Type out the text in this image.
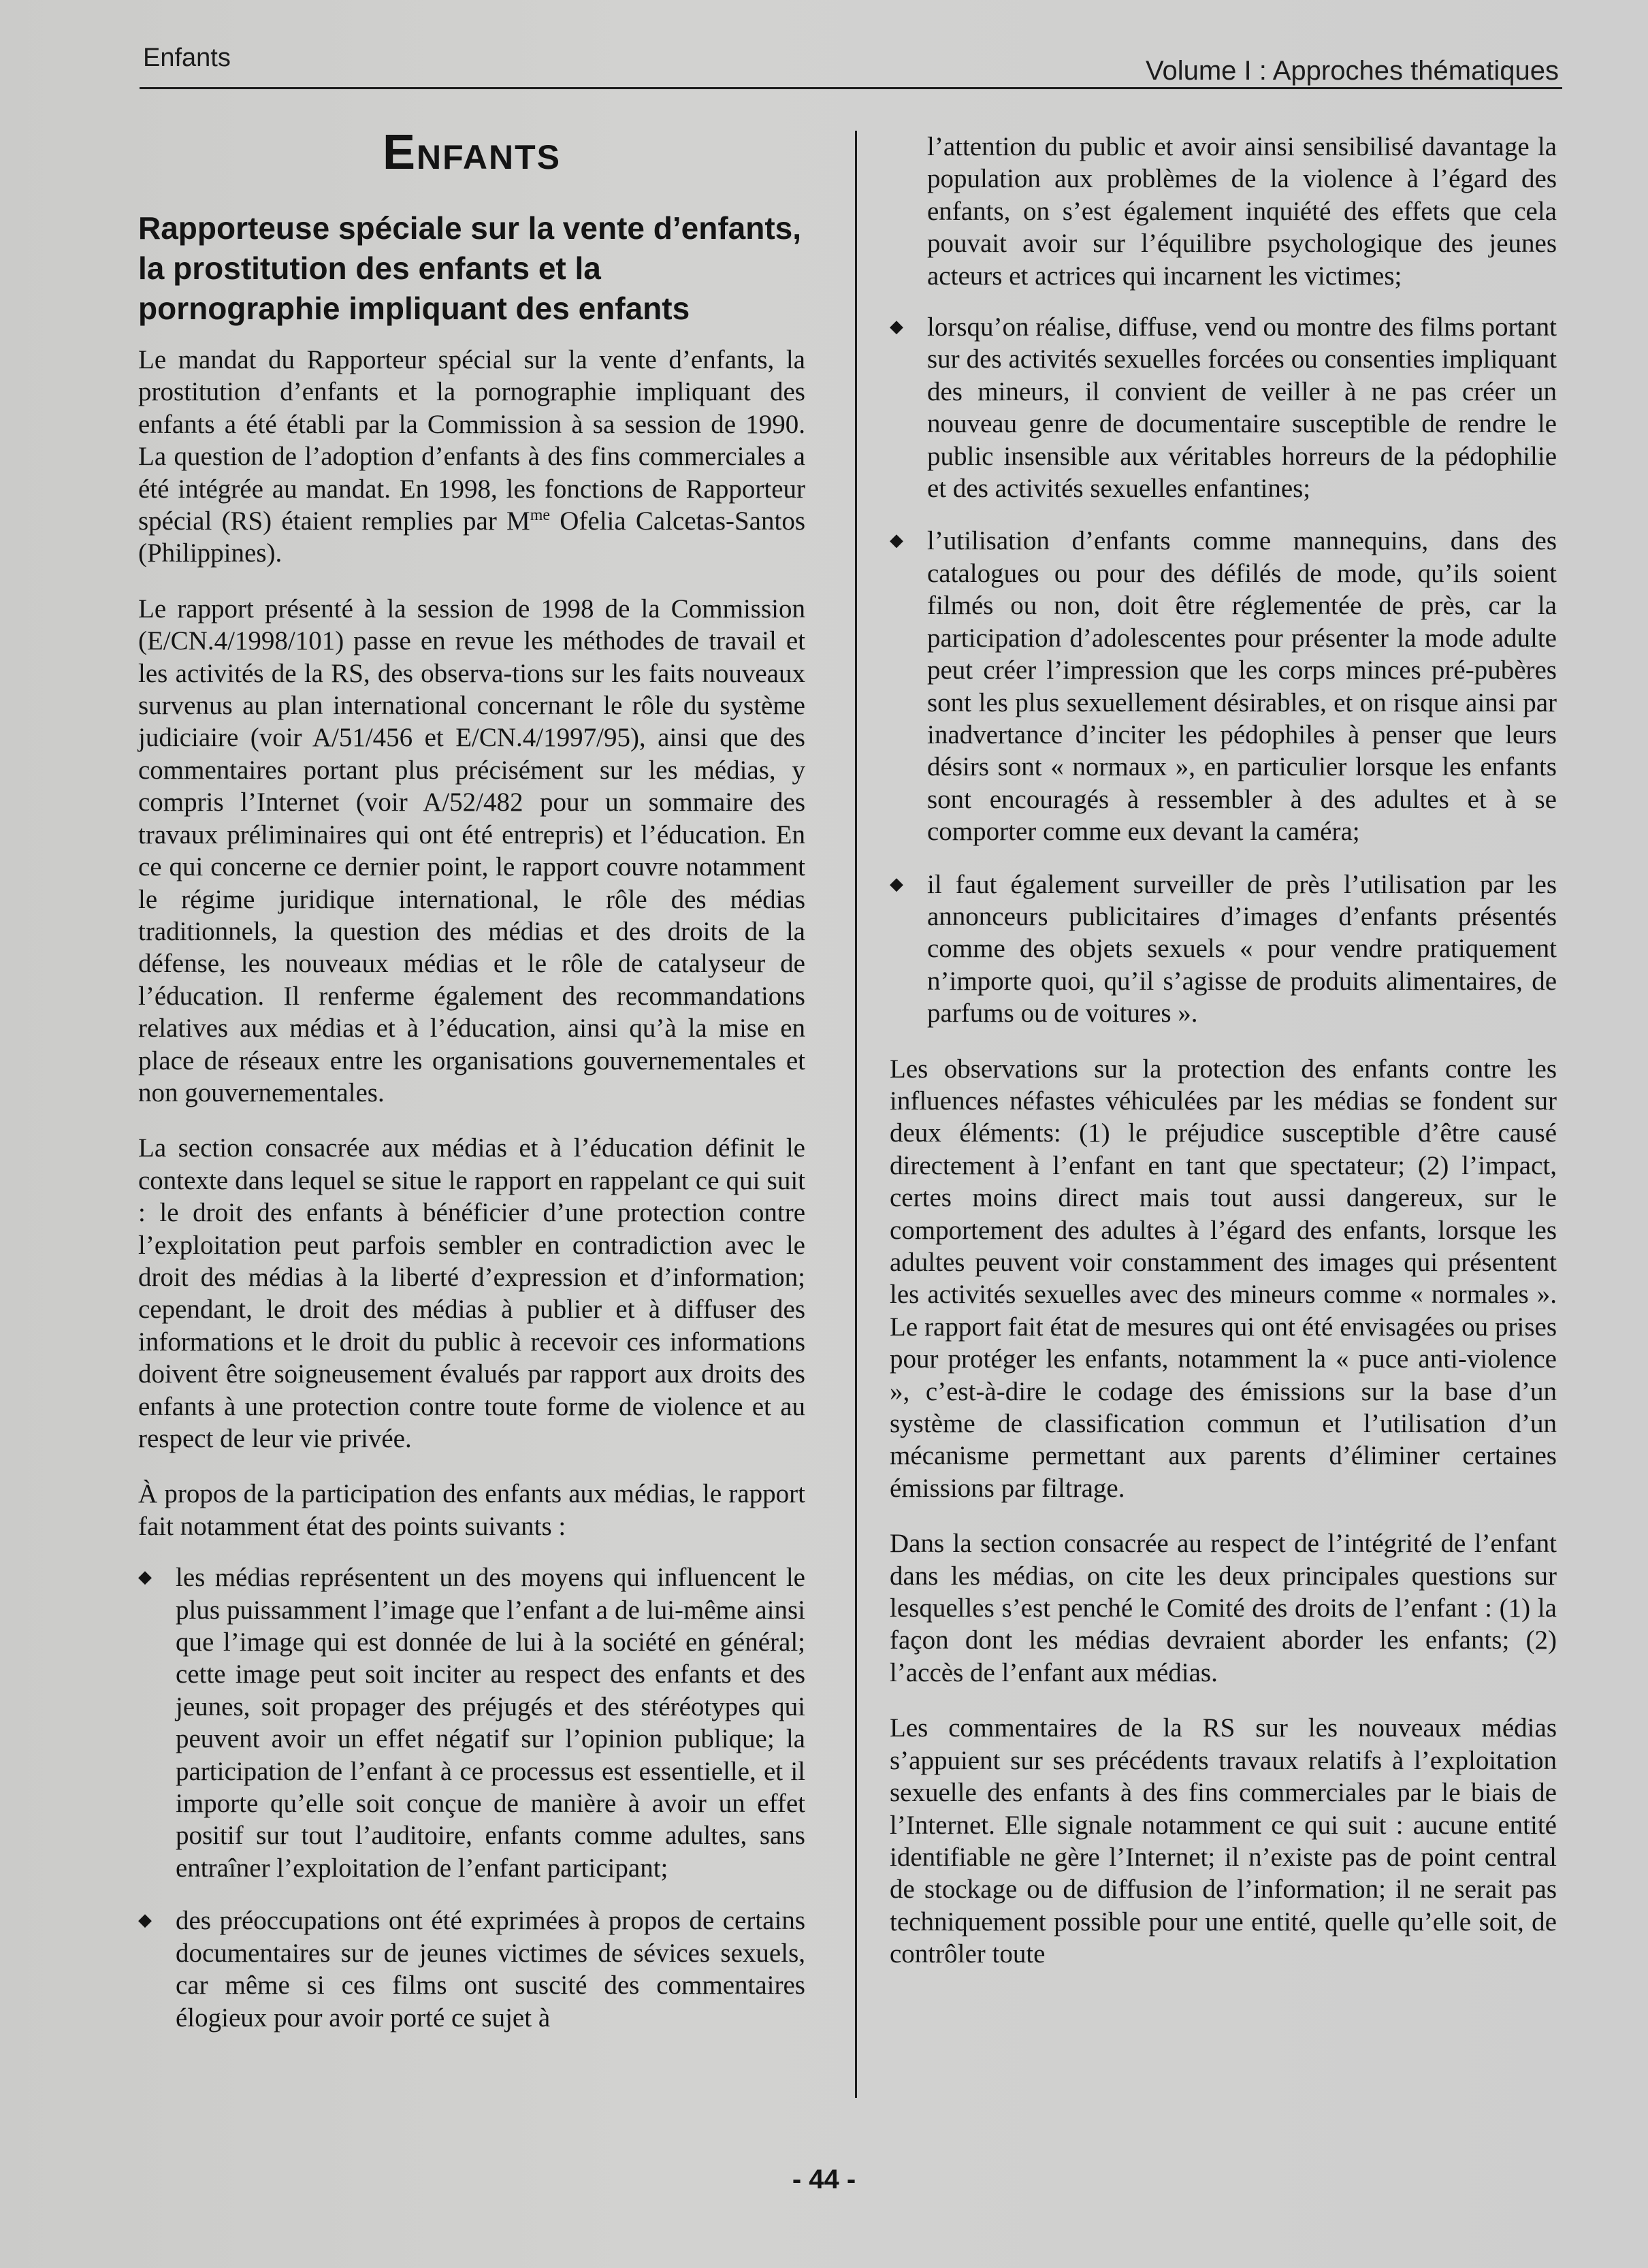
Enfants	Volume I : Approches thématiques
Enfants
Rapporteuse spéciale sur la vente d’enfants, la prostitution des enfants et la pornographie impliquant des enfants

Le mandat du Rapporteur spécial sur la vente d’enfants, la prostitution d’enfants et la pornographie impliquant des enfants a été établi par la Commission à sa session de 1990. La question de l’adoption d’enfants à des fins commerciales a été intégrée au mandat. En 1998, les fonctions de Rapporteur spécial (RS) étaient remplies par $M^{me}$ Ofelia Calcetas-Santos (Philippines).

Le rapport présenté à la session de 1998 de la Commission (E/CN.4/1998/101) passe en revue les méthodes de travail et les activités de la RS, des observa-tions sur les faits nouveaux survenus au plan international concernant le rôle du système judiciaire (voir A/51/456 et E/CN.4/1997/95), ainsi que des commentaires portant plus précisément sur les médias, y compris l’Internet (voir A/52/482 pour un sommaire des travaux préliminaires qui ont été entrepris) et l’éducation. En ce qui concerne ce dernier point, le rapport couvre notamment le régime juridique international, le rôle des médias traditionnels, la question des médias et des droits de la défense, les nouveaux médias et le rôle de catalyseur de l’éducation. Il renferme également des recommandations relatives aux médias et à l’éducation, ainsi qu’à la mise en place de réseaux entre les organisations gouvernementales et non gouvernementales.

La section consacrée aux médias et à l’éducation définit le contexte dans lequel se situe le rapport en rappelant ce qui suit : le droit des enfants à bénéficier d’une protection contre l’exploitation peut parfois sembler en contradiction avec le droit des médias à la liberté d’expression et d’information; cependant, le droit des médias à publier et à diffuser des informations et le droit du public à recevoir ces informations doivent être soigneusement évalués par rapport aux droits des enfants à une protection contre toute forme de violence et au respect de leur vie privée.

À propos de la participation des enfants aux médias, le rapport fait notamment état des points suivants :

◆ les médias représentent un des moyens qui influencent le plus puissamment l’image que l’enfant a de lui-même ainsi que l’image qui est donnée de lui à la société en général; cette image peut soit inciter au respect des enfants et des jeunes, soit propager des préjugés et des stéréotypes qui peuvent avoir un effet négatif sur l’opinion publique; la participation de l’enfant à ce processus est essentielle, et il importe qu’elle soit conçue de manière à avoir un effet positif sur tout l’auditoire, enfants comme adultes, sans entraîner l’exploitation de l’enfant participant;
◆ des préoccupations ont été exprimées à propos de certains documentaires sur de jeunes victimes de sévices sexuels, car même si ces films ont suscité des commentaires élogieux pour avoir porté ce sujet à

l’attention du public et avoir ainsi sensibilisé davantage la population aux problèmes de la violence à l’égard des enfants, on s’est également inquiété des effets que cela pouvait avoir sur l’équilibre psychologique des jeunes acteurs et actrices qui incarnent les victimes;

◆ lorsqu’on réalise, diffuse, vend ou montre des films portant sur des activités sexuelles forcées ou consenties impliquant des mineurs, il convient de veiller à ne pas créer un nouveau genre de documentaire susceptible de rendre le public insensible aux véritables horreurs de la pédophilie et des activités sexuelles enfantines;
◆ l’utilisation d’enfants comme mannequins, dans des catalogues ou pour des défilés de mode, qu’ils soient filmés ou non, doit être réglementée de près, car la participation d’adolescentes pour présenter la mode adulte peut créer l’impression que les corps minces pré-pubères sont les plus sexuellement désirables, et on risque ainsi par inadvertance d’inciter les pédophiles à penser que leurs désirs sont « normaux », en particulier lorsque les enfants sont encouragés à ressembler à des adultes et à se comporter comme eux devant la caméra;
◆ il faut également surveiller de près l’utilisation par les annonceurs publicitaires d’images d’enfants présentés comme des objets sexuels « pour vendre pratiquement n’importe quoi, qu’il s’agisse de produits alimentaires, de parfums ou de voitures ».

Les observations sur la protection des enfants contre les influences néfastes véhiculées par les médias se fondent sur deux éléments: (1) le préjudice susceptible d’être causé directement à l’enfant en tant que spectateur; (2) l’impact, certes moins direct mais tout aussi dangereux, sur le comportement des adultes à l’égard des enfants, lorsque les adultes peuvent voir constamment des images qui présentent les activités sexuelles avec des mineurs comme « normales ». Le rapport fait état de mesures qui ont été envisagées ou prises pour protéger les enfants, notamment la « puce anti-violence », c’est-à-dire le codage des émissions sur la base d’un système de classification commun et l’utilisation d’un mécanisme permettant aux parents d’éliminer certaines émissions par filtrage.

Dans la section consacrée au respect de l’intégrité de l’enfant dans les médias, on cite les deux principales questions sur lesquelles s’est penché le Comité des droits de l’enfant : (1) la façon dont les médias devraient aborder les enfants; (2) l’accès de l’enfant aux médias.

Les commentaires de la RS sur les nouveaux médias s’appuient sur ses précédents travaux relatifs à l’exploitation sexuelle des enfants à des fins commerciales par le biais de l’Internet. Elle signale notamment ce qui suit : aucune entité identifiable ne gère l’Internet; il n’existe pas de point central de stockage ou de diffusion de l’information; il ne serait pas techniquement possible pour une entité, quelle qu’elle soit, de contrôler toute

- 44 -
